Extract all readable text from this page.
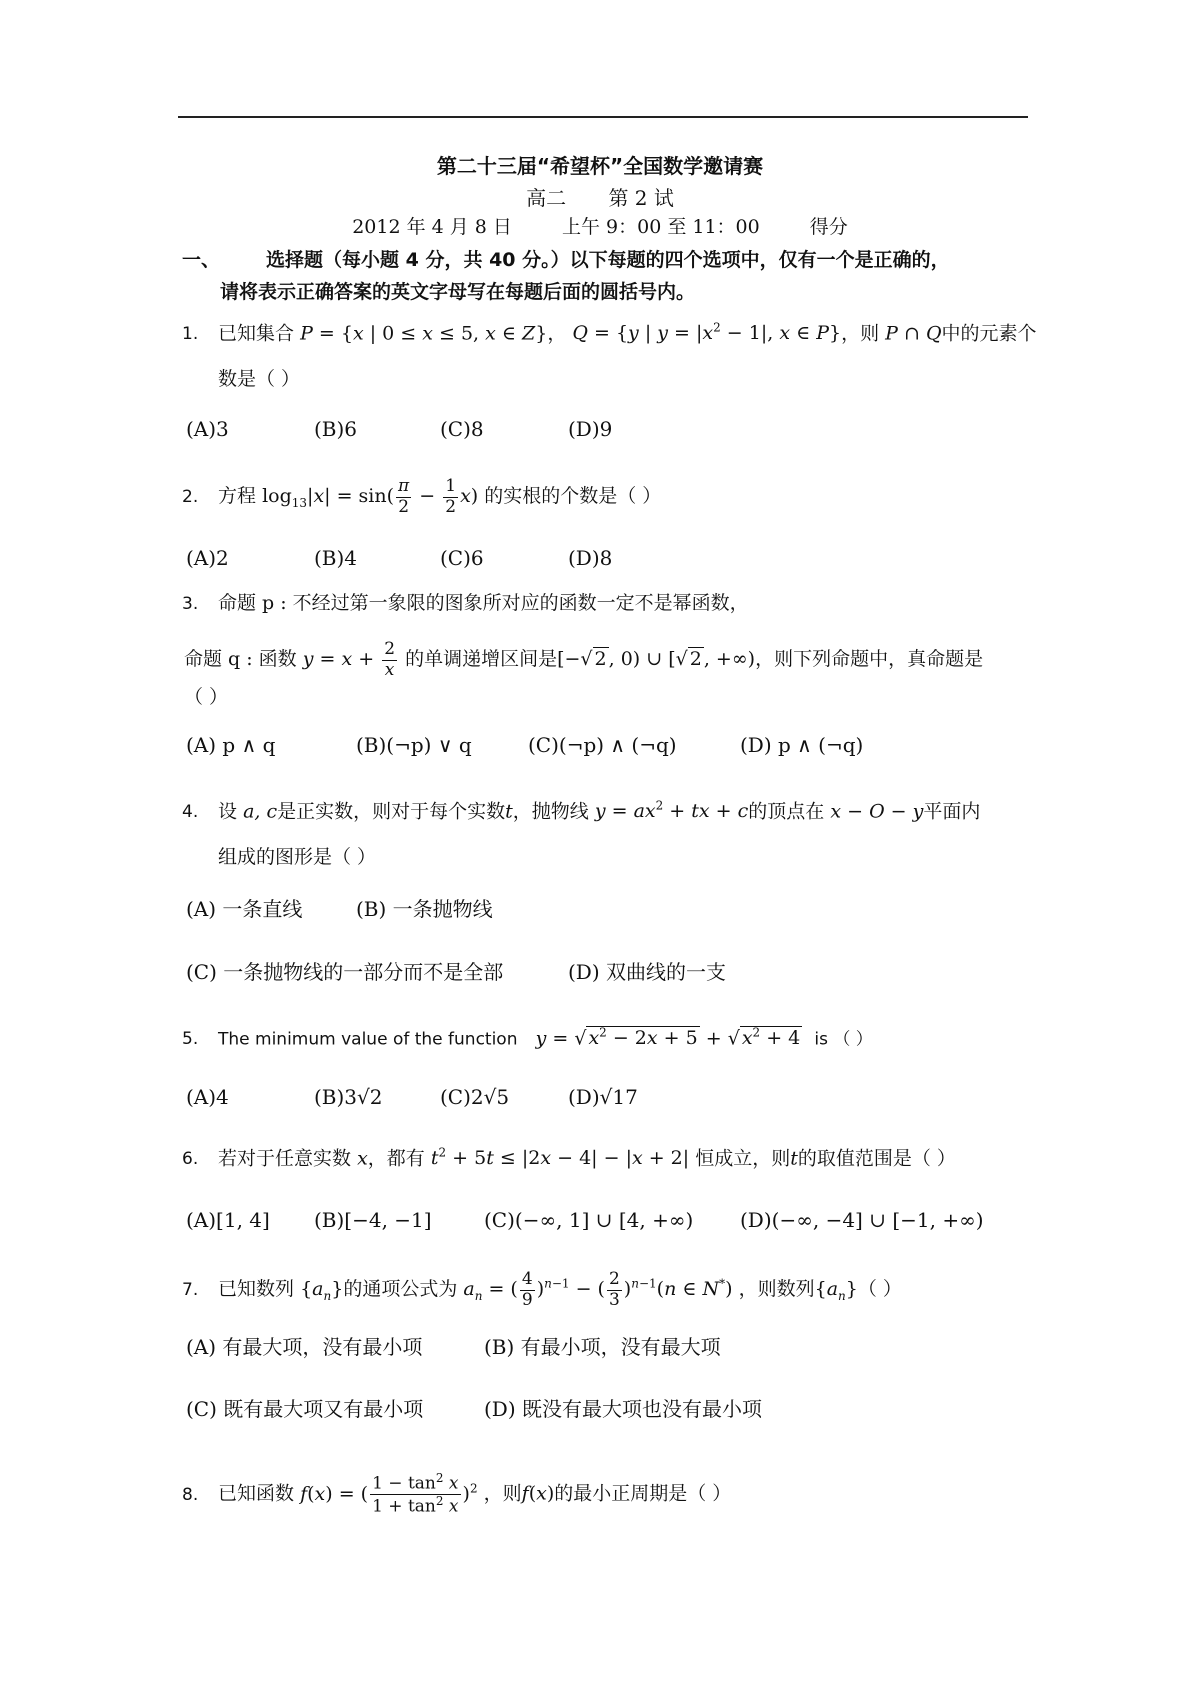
第二十三届“希望杯”全国数学邀请赛
高二 第 2 试
2012 年 4 月 8 日	上午 9：00 至 11：00	得分
一、 选择题（每小题 4 分，共 40 分。）以下每题的四个选项中，仅有一个是正确的，
请将表示正确答案的英文字母写在每题后面的圆括号内。
1. 已知集合 P = {x | 0 ≤ x ≤ 5, x ∈ Z}， Q = {y | $y = |x^2 - 1|$, x ∈ P}，则 P ∩ Q中的元素个
数是（ ）
(A)3	(B)6	(C)8	(D)9
2. 方程 $\log_{13}|x| = \sin( \frac{\pi}{2} - \frac{1}{2} x)$ 的实根的个数是（ ）
(A)2	(B)4	(C)6	(D)8
3. 命题 p : 不经过第一象限的图象所对应的函数一定不是幂函数，
命题 q : 函数 $y = x + \frac{2}{x}$ 的单调递增区间是[−√ 2 , 0) ∪ [√ 2 , +∞)，则下列命题中，真命题是
（ ）
(A) p ∧ q	(B)(¬p) ∨ q	(C)(¬p) ∧ (¬q)	(D) p ∧ (¬q)
4. 设 a, c是正实数，则对于每个实数t，抛物线 $y = ax^2$ + tx + c的顶点在 x − O − y平面内
组成的图形是（ ）
(A) 一条直线	(B) 一条抛物线
(C) 一条抛物线的一部分而不是全部	(D) 双曲线的一支
5. The minimum value of the function y = √ $x^2 - 2x + 5$ + √ $x^2 + 4$ is （ ）
(A)4	(B)3√2	(C)2√5	(D)√17
6. 若对于任意实数 x，都有 $t^2 + 5t \le |2x - 4| - |x + 2|$ 恒成立，则t的取值范围是（ ）
(A)[1, 4] (B)[−4, −1]	(C)(−∞, 1] ∪ [4, +∞) (D)(−∞, −4] ∪ [−1, +∞)
7. 已知数列 $\{a_n\}$的通项公式为 $a_n$ = ( $\frac{4}{9} )^{n-1}$ − ( $\frac{2}{3} )^{n-1}(n$ ∈ N*) ，则数列$\{a_n\}$（ ）
(A) 有最大项，没有最小项	(B) 有最小项，没有最大项
(C) 既有最大项又有最小项	(D) 既没有最大项也没有最小项
8. 已知函数 f(x) = ( $\frac{1 - \tan^2 x}{1 + \tan^2 x} )^2$ ，则f(x)的最小正周期是（ ）
